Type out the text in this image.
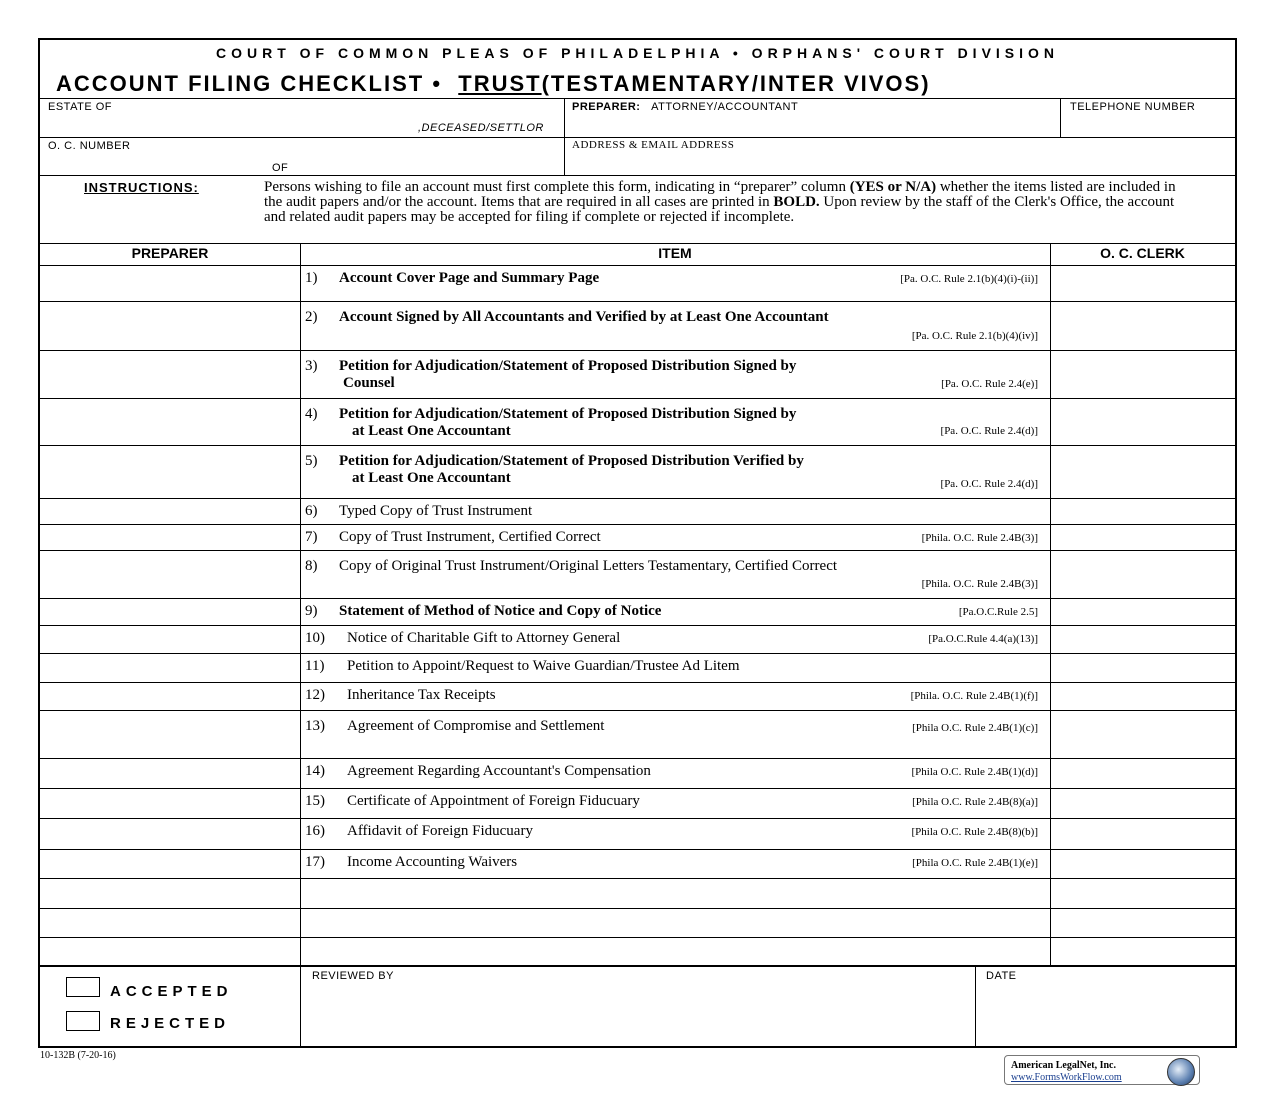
COURT OF COMMON PLEAS OF PHILADELPHIA • ORPHANS' COURT DIVISION
ACCOUNT FILING CHECKLIST • TRUST(TESTAMENTARY/INTER VIVOS)
ESTATE OF
,DECEASED/SETTLOR
PREPARER: ATTORNEY/ACCOUNTANT	TELEPHONE NUMBER
O. C. NUMBER
OF
ADDRESS & EMAIL ADDRESS
INSTRUCTIONS:	Persons wishing to file an account must first complete this form, indicating in “preparer” column (YES or N/A) whether the items listed are included in the audit papers and/or the account. Items that are required in all cases are printed in BOLD. Upon review by the staff of the Clerk's Office, the account and related audit papers may be accepted for filing if complete or rejected if incomplete.
PREPARER	ITEM	O. C. CLERK
1) Account Cover Page and Summary Page	[Pa. O.C. Rule 2.1(b)(4)(i)-(ii)]
2) Account Signed by All Accountants and Verified by at Least One Accountant
[Pa. O.C. Rule 2.1(b)(4)(iv)]
3) Petition for Adjudication/Statement of Proposed Distribution Signed by
Counsel	[Pa. O.C. Rule 2.4(e)]
4) Petition for Adjudication/Statement of Proposed Distribution Signed by
at Least One Accountant	[Pa. O.C. Rule 2.4(d)]
5) Petition for Adjudication/Statement of Proposed Distribution Verified by
at Least One Accountant	[Pa. O.C. Rule 2.4(d)]
6) Typed Copy of Trust Instrument
7) Copy of Trust Instrument, Certified Correct	[Phila. O.C. Rule 2.4B(3)]
8) Copy of Original Trust Instrument/Original Letters Testamentary, Certified Correct
[Phila. O.C. Rule 2.4B(3)]
9) Statement of Method of Notice and Copy of Notice	[Pa.O.C.Rule 2.5]
10) Notice of Charitable Gift to Attorney General	[Pa.O.C.Rule 4.4(a)(13)]
11) Petition to Appoint/Request to Waive Guardian/Trustee Ad Litem
12) Inheritance Tax Receipts	[Phila. O.C. Rule 2.4B(1)(f)]
13) Agreement of Compromise and Settlement	[Phila O.C. Rule 2.4B(1)(c)]
14) Agreement Regarding Accountant's Compensation	[Phila O.C. Rule 2.4B(1)(d)]
15) Certificate of Appointment of Foreign Fiducuary	[Phila O.C. Rule 2.4B(8)(a)]
16) Affidavit of Foreign Fiducuary	[Phila O.C. Rule 2.4B(8)(b)]
17) Income Accounting Waivers	[Phila O.C. Rule 2.4B(1)(e)]
ACCEPTED
REJECTED
REVIEWED BY	DATE
10-132B (7-20-16)
American LegalNet, Inc.
www.FormsWorkFlow.com
